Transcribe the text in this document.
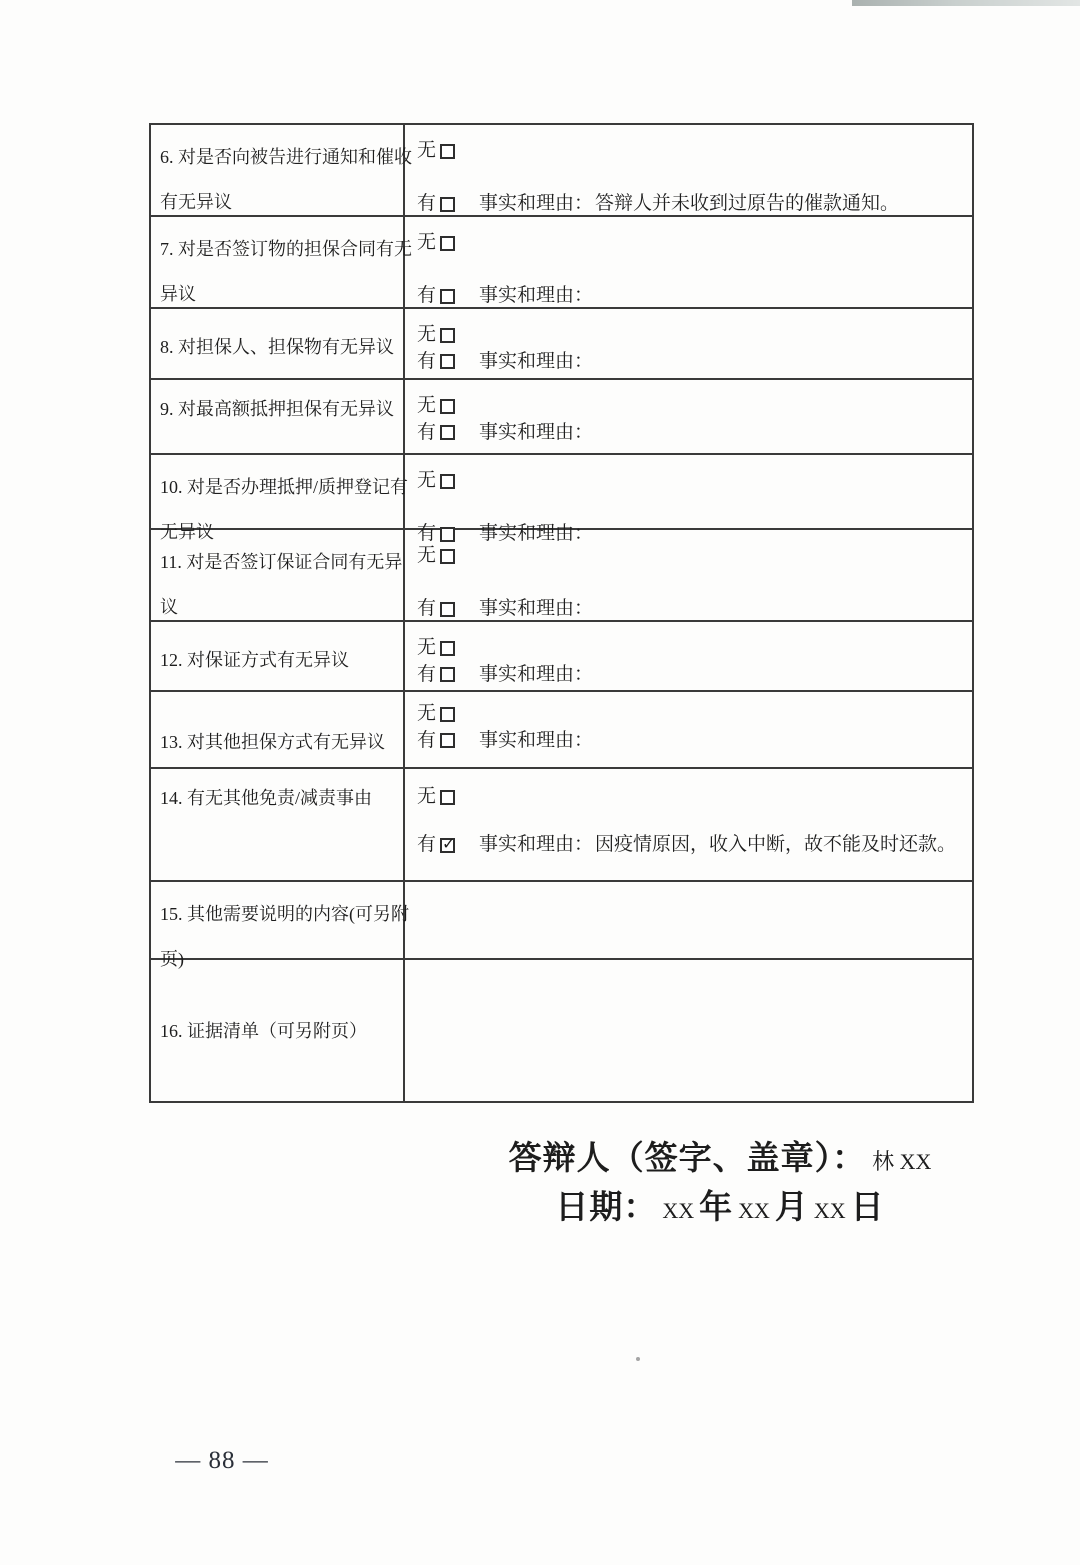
6. 对是否向被告进行通知和催收
有无异议
无
有 事实和理由： 答辩人并未收到过原告的催款通知。
7. 对是否签订物的担保合同有无
异议
无
有 事实和理由：
8. 对担保人、担保物有无异议
无
有 事实和理由：
9. 对最高额抵押担保有无异议 无
有 事实和理由：
10. 对是否办理抵押/质押登记有
无异议
无
有 事实和理由：
11. 对是否签订保证合同有无异
议
无
有 事实和理由：
12. 对保证方式有无异议
无
有 事实和理由：
13. 对其他担保方式有无异议
无
有 事实和理由：
14. 有无其他免责/减责事由	无
有 ✓ 事实和理由： 因疫情原因，收入中断，故不能及时还款。
15. 其他需要说明的内容(可另附
页)
16. 证据清单（可另附页）
答辩人（签字、盖章）： 林 XX
日期： XX 年 XX 月 XX 日
— 88 —
